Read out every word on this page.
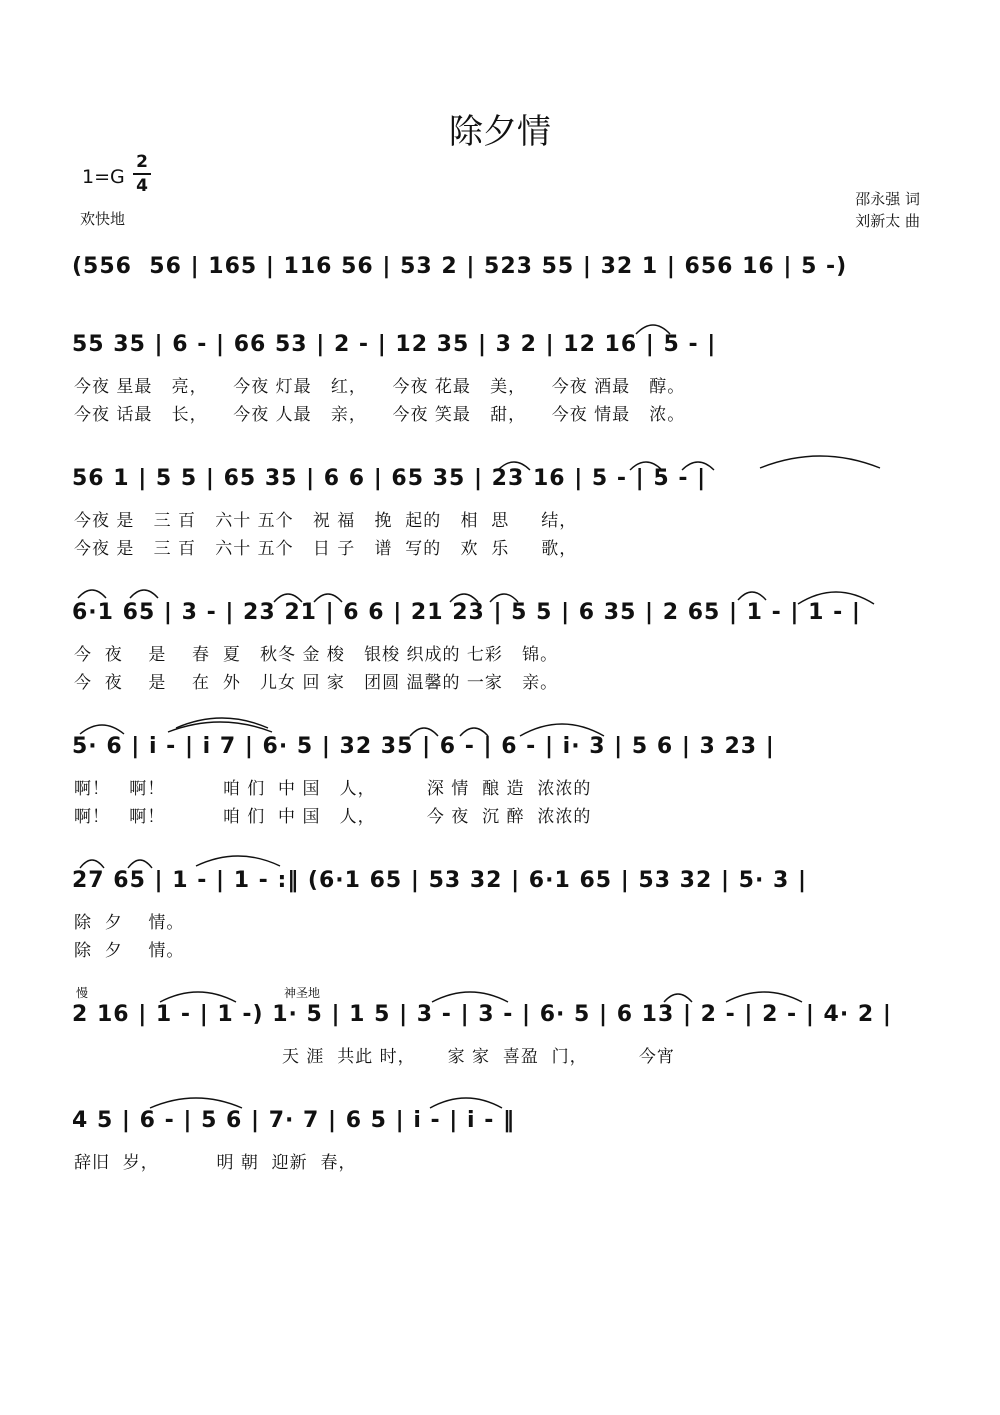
除夕情
1=G
2
4
欢快地
邵永强 词
刘新太 曲
(556  56 | 165 | 116 56 | 53 2 | 523 55 | 32 1 | 656 16 | 5 -)
55 35 | 6 - | 66 53 | 2 - | 12 35 | 3 2 | 12 16 | 5 - |
今夜 星最   亮，    今夜 灯最   红，    今夜 花最   美，    今夜 酒最   醇。
今夜 话最   长，    今夜 人最   亲，    今夜 笑最   甜，    今夜 情最   浓。
56 1 | 5 5 | 65 35 | 6 6 | 65 35 | 23 16 | 5 - | 5 - |
今夜 是   三 百   六十 五个   祝 福   挽  起的   相  思     结，
今夜 是   三 百   六十 五个   日 子   谱  写的   欢  乐     歌，
6·1 65 | 3 - | 23 21 | 6 6 | 21 23 | 5 5 | 6 35 | 2 65 | 1 - | 1 - |
今  夜    是    春  夏   秋冬 金 梭   银梭 织成的 七彩   锦。
今  夜    是    在  外   儿女 回 家   团圆 温馨的 一家   亲。
5· 6 | i - | i 7 | 6· 5 | 32 35 | 6 - | 6 - | i· 3 | 5 6 | 3 23 |
啊！   啊！         咱 们  中 国   人，        深 情  酿 造  浓浓的
啊！   啊！         咱 们  中 国   人，        今 夜  沉 醉  浓浓的
27 65 | 1 - | 1 - :‖ (6·1 65 | 53 32 | 6·1 65 | 53 32 | 5· 3 |
除  夕    情。
除  夕    情。
慢	神圣地
2 16 | 1 - | 1 -) 1· 5 | 1 5 | 3 - | 3 - | 6· 5 | 6 13 | 2 - | 2 - | 4· 2 |
天 涯  共此 时，     家 家  喜盈  门，        今宵
4 5 | 6 - | 5 6 | 7· 7 | 6 5 | i - | i - ‖
辞旧  岁，         明 朝  迎新  春，
